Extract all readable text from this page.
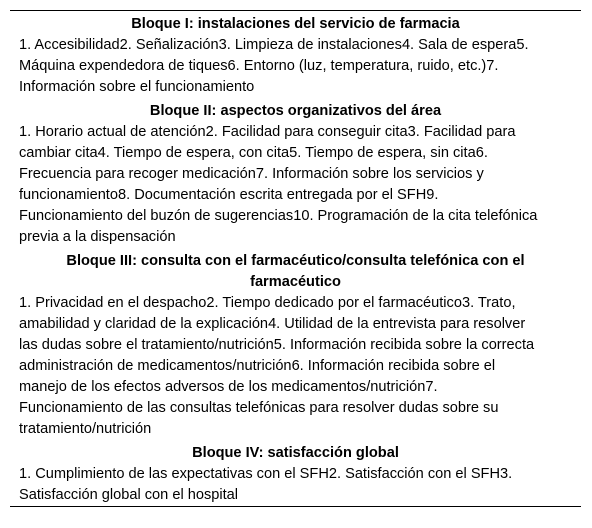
Bloque I: instalaciones del servicio de farmacia
1. Accesibilidad2. Señalización3. Limpieza de instalaciones4. Sala de espera5. Máquina expendedora de tiques6. Entorno (luz, temperatura, ruido, etc.)7. Información sobre el funcionamiento
Bloque II: aspectos organizativos del área
1. Horario actual de atención2. Facilidad para conseguir cita3. Facilidad para cambiar cita4. Tiempo de espera, con cita5. Tiempo de espera, sin cita6. Frecuencia para recoger medicación7. Información sobre los servicios y funcionamiento8. Documentación escrita entregada por el SFH9. Funcionamiento del buzón de sugerencias10. Programación de la cita telefónica previa a la dispensación
Bloque III: consulta con el farmacéutico/consulta telefónica con el farmacéutico
1. Privacidad en el despacho2. Tiempo dedicado por el farmacéutico3. Trato, amabilidad y claridad de la explicación4. Utilidad de la entrevista para resolver las dudas sobre el tratamiento/nutrición5. Información recibida sobre la correcta administración de medicamentos/nutrición6. Información recibida sobre el manejo de los efectos adversos de los medicamentos/nutrición7. Funcionamiento de las consultas telefónicas para resolver dudas sobre su tratamiento/nutrición
Bloque IV: satisfacción global
1. Cumplimiento de las expectativas con el SFH2. Satisfacción con el SFH3. Satisfacción global con el hospital
